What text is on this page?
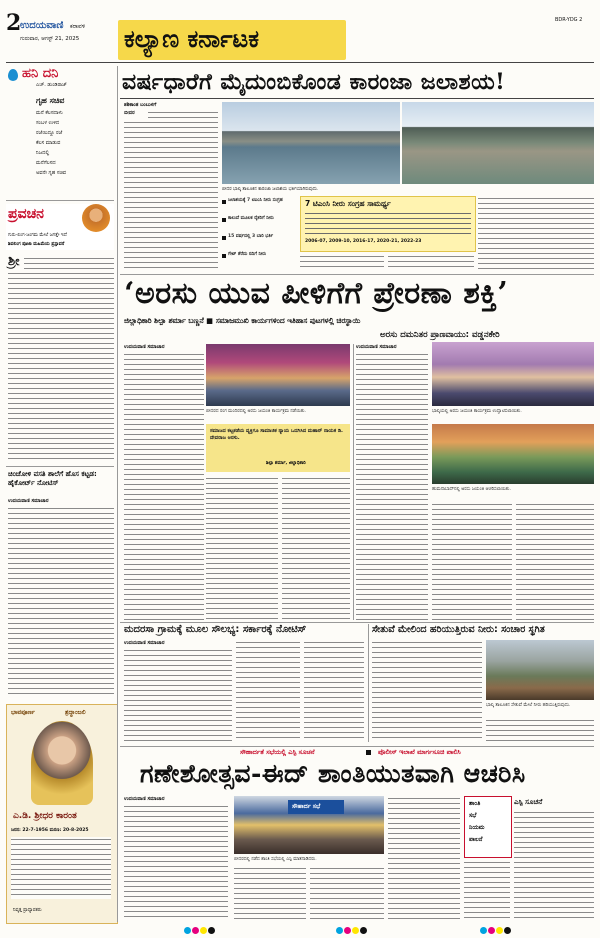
2
ಉದಯವಾಣಿ ಕರಾವಳಿ
ಗುರುವಾರ, ಆಗಸ್ಟ್ 21, 2025 ಕಲ್ಯಾಣ ಕರ್ನಾಟಕ
BDR-YDG 2
ಹನಿ ದನಿ
ಎಚ್. ಡುಂಡಿರಾಜ್
ಗೃಹ ಸಚಿವ
ಮನೆ ಕೆಲಸದಾಳು
ಸಂಬಳ ಉಳಿದ
ರಜೆಯಿದ್ದೂ ರಜೆ
ಕೆಲಸ ಮಾಡುವ
ನಿಜದಲ್ಲಿ
ಮನೆಗೆಲಸದ
ಅವನೇ ಗೃಹ ಸಚಿವ
ಪ್ರವಚನ
ಗುರು-ಲಿಂಗ-ಜಂಗಮ ಮೇಲೆ ಜಗತ್ತೇ ಇದೆ
ಶಿವಲಿಂಗ ಪೂಜಾ ಮಹಿಮೆಯ ಪ್ರಸ್ತಾವನೆ
ಶ್ರೀ
ಚಿಂಚೋಳಿ ವಸತಿ ಶಾಲೆಗೆ ಹೊಸ ಕಟ್ಟಡ: ಹೈಕೋರ್ಟ್ ನೋಟಿಸ್
ಉದಯವಾಣಿ ಸಮಾಚಾರ
ಭಾವಪೂರ್ಣ	ಶ್ರದ್ಧಾಂಜಲಿ
ಎ.ಡಿ. ಶ್ರೀಧರ ಕಾರಂತ
ಜನನ: 22-7-1956 ಮರಣ: 20-8-2025
ನಿವೃತ್ತ ಪ್ರಾಧ್ಯಾಪಕರು
ವರ್ಷಧಾರೆಗೆ ಮೈದುಂಬಿಕೊಂಡ ಕಾರಂಜಾ ಜಲಾಶಯ!
ಶಶಿಕಾಂತ ಬಂಬುಳಗೆ
ಬೀದರ
ಬೀದರ ಭಾಲ್ಕಿ ತಾಲೂಕಿನ ಕಾರಂಜಾ ಜಲಾಶಯ ಭರ್ತಿಯಾಗಿರುವುದು.
ಜಲಾಶಯಕ್ಕೆ 7 ಟಿಎಂಸಿ ನೀರು ಸಂಗ್ರಹ
ಕಾಲುವೆ ಮೂಲಕ ರೈತರಿಗೆ ನೀರು
15 ವರ್ಷದಲ್ಲಿ 3 ಬಾರಿ ಭರ್ತಿ
ಗೇಟ್ ತೆರೆದು ನದಿಗೆ ನೀರು
7 ಟಿಎಂಸಿ ನೀರು ಸಂಗ್ರಹ ಸಾಮರ್ಥ್ಯ
2006-07, 2009-10, 2016-17, 2020-21, 2022-23
‘ಅರಸು ಯುವ ಪೀಳಿಗೆಗೆ ಪ್ರೇರಣಾ ಶಕ್ತಿ’
ಜಿಲ್ಲಾಧಿಕಾರಿ ಶಿಲ್ಪಾ ಶರ್ಮಾ ಬಣ್ಣನೆ ■ ಸಮಾಜಮುಖಿ ಕಾರ್ಯಗಳಿಂದ ಇತಿಹಾಸ ಪುಟಗಳಲ್ಲಿ ಚಿರಸ್ಥಾಯಿ
ಅರಸು ದಮನಿತರ ಪ್ರಾಣವಾಯು: ವಡ್ಡನಕೇರಿ
ಉದಯವಾಣಿ ಸಮಾಚಾರ
ಬೀದರದ ರಂಗ ಮಂದಿರದಲ್ಲಿ ಅರಸು ಜಯಂತಿ ಕಾರ್ಯಕ್ರಮ ನಡೆಯಿತು.
ಸಮಾಜದ ಕಟ್ಟಕಡೆಯ ವ್ಯಕ್ತಿಗೂ ಸಾಮಾಜಿಕ ನ್ಯಾಯ ಒದಗಿಸಿದ ಮಹಾನ್ ನಾಯಕ ಡಿ. ದೇವರಾಜ ಅರಸು.
ಶಿಲ್ಪಾ ಶರ್ಮಾ, ಜಿಲ್ಲಾಧಿಕಾರಿ
ಉದಯವಾಣಿ ಸಮಾಚಾರ
ಭಾಲ್ಕಿಯಲ್ಲಿ ಅರಸು ಜಯಂತಿ ಕಾರ್ಯಕ್ರಮ ಉದ್ಘಾಟಿಸಲಾಯಿತು.
ಹುಮನಾಬಾದ್‌ನಲ್ಲಿ ಅರಸು ಜಯಂತಿ ಆಚರಿಸಲಾಯಿತು.
ಮದರಸಾ ಗ್ರಾಮಕ್ಕೆ ಮೂಲ ಸೌಲಭ್ಯ: ಸರ್ಕಾರಕ್ಕೆ ನೋಟಿಸ್
ಉದಯವಾಣಿ ಸಮಾಚಾರ
ಸೇತುವೆ ಮೇಲಿಂದ ಹರಿಯುತ್ತಿರುವ ನೀರು: ಸಂಚಾರ ಸ್ಥಗಿತ
ಭಾಲ್ಕಿ ತಾಲೂಕಿನ ಸೇತುವೆ ಮೇಲೆ ನೀರು ಹರಿಯುತ್ತಿರುವುದು.
ಸೌಹಾರ್ದತೆ ಸಭೆಯಲ್ಲಿ ಎಸ್ಪಿ ಸೂಚನೆ	ಪೊಲೀಸ್ ಇಲಾಖೆ ಮಾರ್ಗಸೂಚಿ ಪಾಲಿಸಿ
ಗಣೇಶೋತ್ಸವ-ಈದ್ ಶಾಂತಿಯುತವಾಗಿ ಆಚರಿಸಿ
ಉದಯವಾಣಿ ಸಮಾಚಾರ
ಸೌಹಾರ್ದ ಸಭೆ
ಬೀದರದಲ್ಲಿ ನಡೆದ ಶಾಂತಿ ಸಭೆಯಲ್ಲಿ ಎಸ್ಪಿ ಮಾತನಾಡಿದರು.
ಶಾಂತಿ
ಸಭೆ
ನಿಯಮ
ಪಾಲನೆ
ಎಸ್ಪಿ ಸೂಚನೆ
